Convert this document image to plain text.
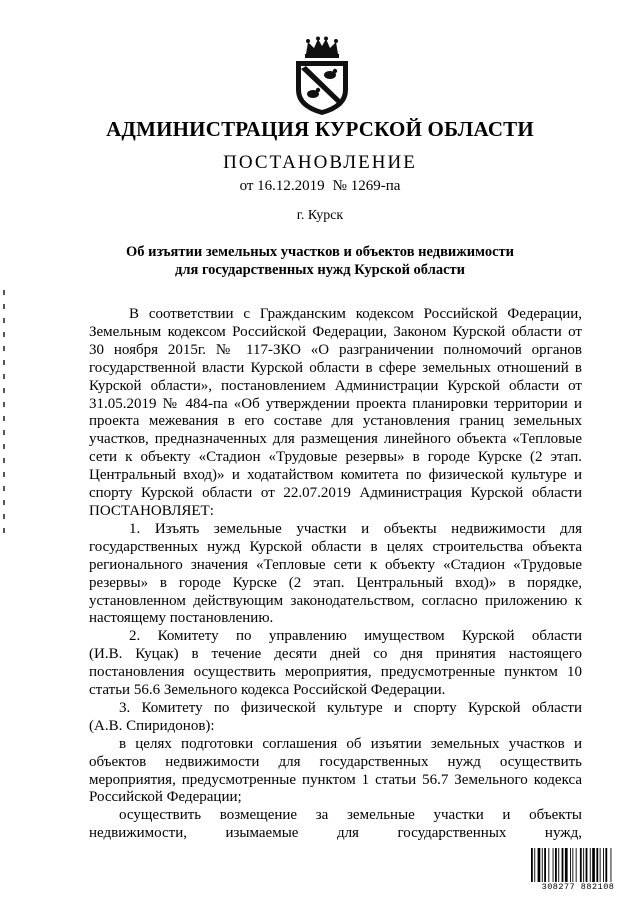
АДМИНИСТРАЦИЯ КУРСКОЙ ОБЛАСТИ
ПОСТАНОВЛЕНИЕ
от 16.12.2019 № 1269-па
г. Курск
Об изъятии земельных участков и объектов недвижимости
для государственных нужд Курской области

В соответствии с Гражданским кодексом Российской Федерации,

Земельным кодексом Российской Федерации, Законом Курской области от

30 ноября 2015г. № 117-ЗКО «О разграничении полномочий органов

государственной власти Курской области в сфере земельных отношений в

Курской области», постановлением Администрации Курской области от

31.05.2019 № 484-па «Об утверждении проекта планировки территории и

проекта межевания в его составе для установления границ земельных

участков, предназначенных для размещения линейного объекта «Тепловые

сети к объекту «Стадион «Трудовые резервы» в городе Курске (2 этап.

Центральный вход)» и ходатайством комитета по физической культуре и

спорту Курской области от 22.07.2019 Администрация Курской области

ПОСТАНОВЛЯЕТ:

1. Изъять земельные участки и объекты недвижимости для

государственных нужд Курской области в целях строительства объекта

регионального значения «Тепловые сети к объекту «Стадион «Трудовые

резервы» в городе Курске (2 этап. Центральный вход)» в порядке,

установленном действующим законодательством, согласно приложению к

настоящему постановлению.

2. Комитету по управлению имуществом Курской области

(И.В. Куцак) в течение десяти дней со дня принятия настоящего

постановления осуществить мероприятия, предусмотренные пунктом 10

статьи 56.6 Земельного кодекса Российской Федерации.

3. Комитету по физической культуре и спорту Курской области

(А.В. Спиридонов):

в целях подготовки соглашения об изъятии земельных участков и

объектов недвижимости для государственных нужд осуществить

мероприятия, предусмотренные пунктом 1 статьи 56.7 Земельного кодекса

Российской Федерации;

осуществить возмещение за земельные участки и объекты

недвижимости, изымаемые для государственных нужд,

308277 882108
